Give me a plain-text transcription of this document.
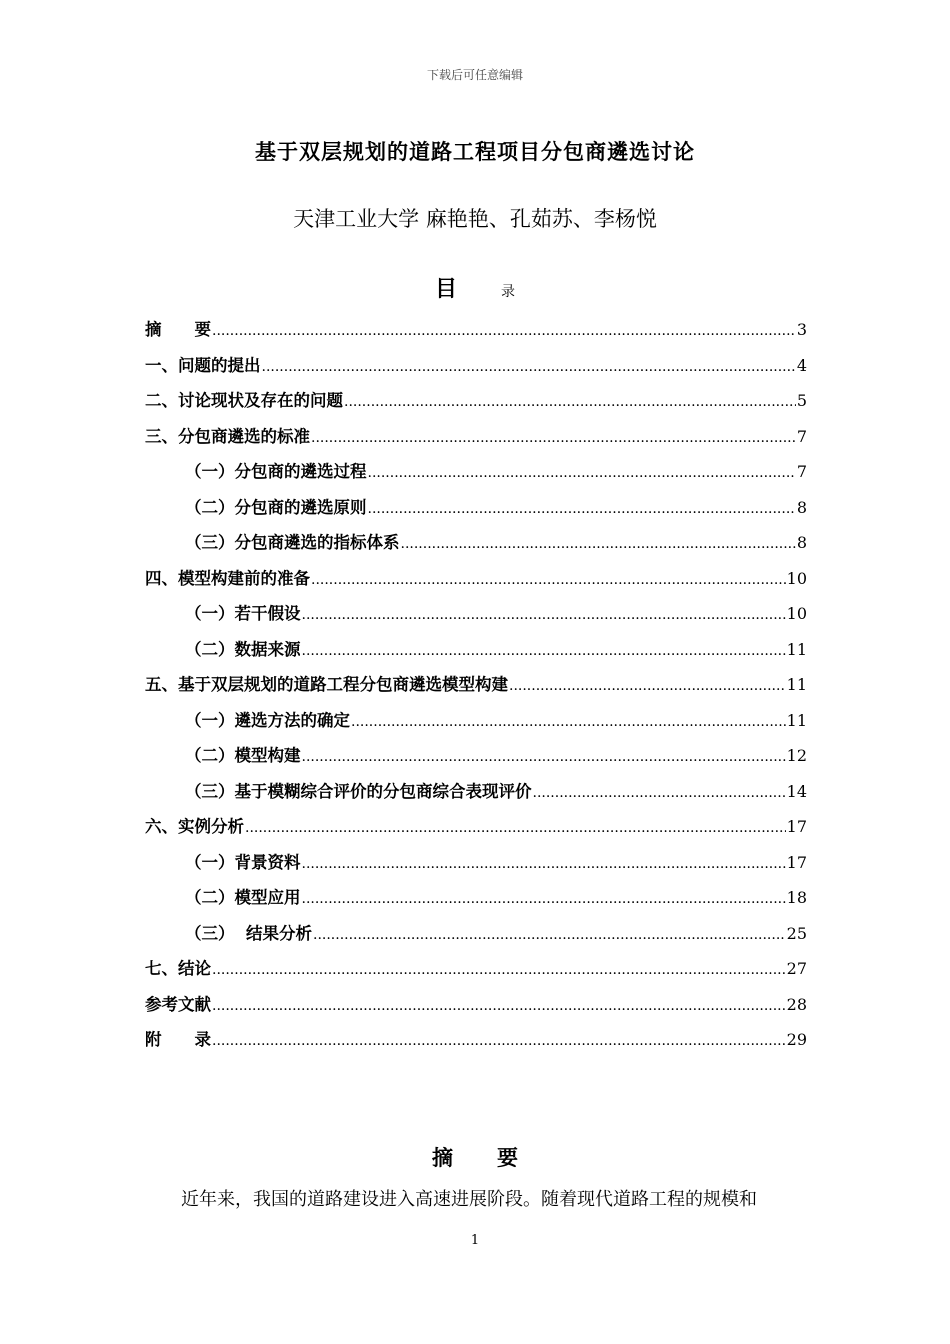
下载后可任意编辑
基于双层规划的道路工程项目分包商遴选讨论
天津工业大学 麻艳艳、孔茹苏、李杨悦
目	录
摘　　要 .....	3
一、问题的提出 .....	4
二、讨论现状及存在的问题 .....	5
三、分包商遴选的标准 .....	7
（一）分包商的遴选过程 .....	7
（二）分包商的遴选原则 .....	8
（三）分包商遴选的指标体系 .....	8
四、模型构建前的准备 .....	10
（一）若干假设 .....	10
（二）数据来源 .....	11
五、基于双层规划的道路工程分包商遴选模型构建 .....	11
（一）遴选方法的确定 .....	11
（二）模型构建 .....	12
（三）基于模糊综合评价的分包商综合表现评价 .....	14
六、实例分析 .....	17
（一）背景资料 .....	17
（二）模型应用 .....	18
（三）  结果分析 .....	25
七、结论 .....	27
参考文献 .....	28
附　　录 .....	29
摘 要
近年来，我国的道路建设进入高速进展阶段。随着现代道路工程的规模和
1
